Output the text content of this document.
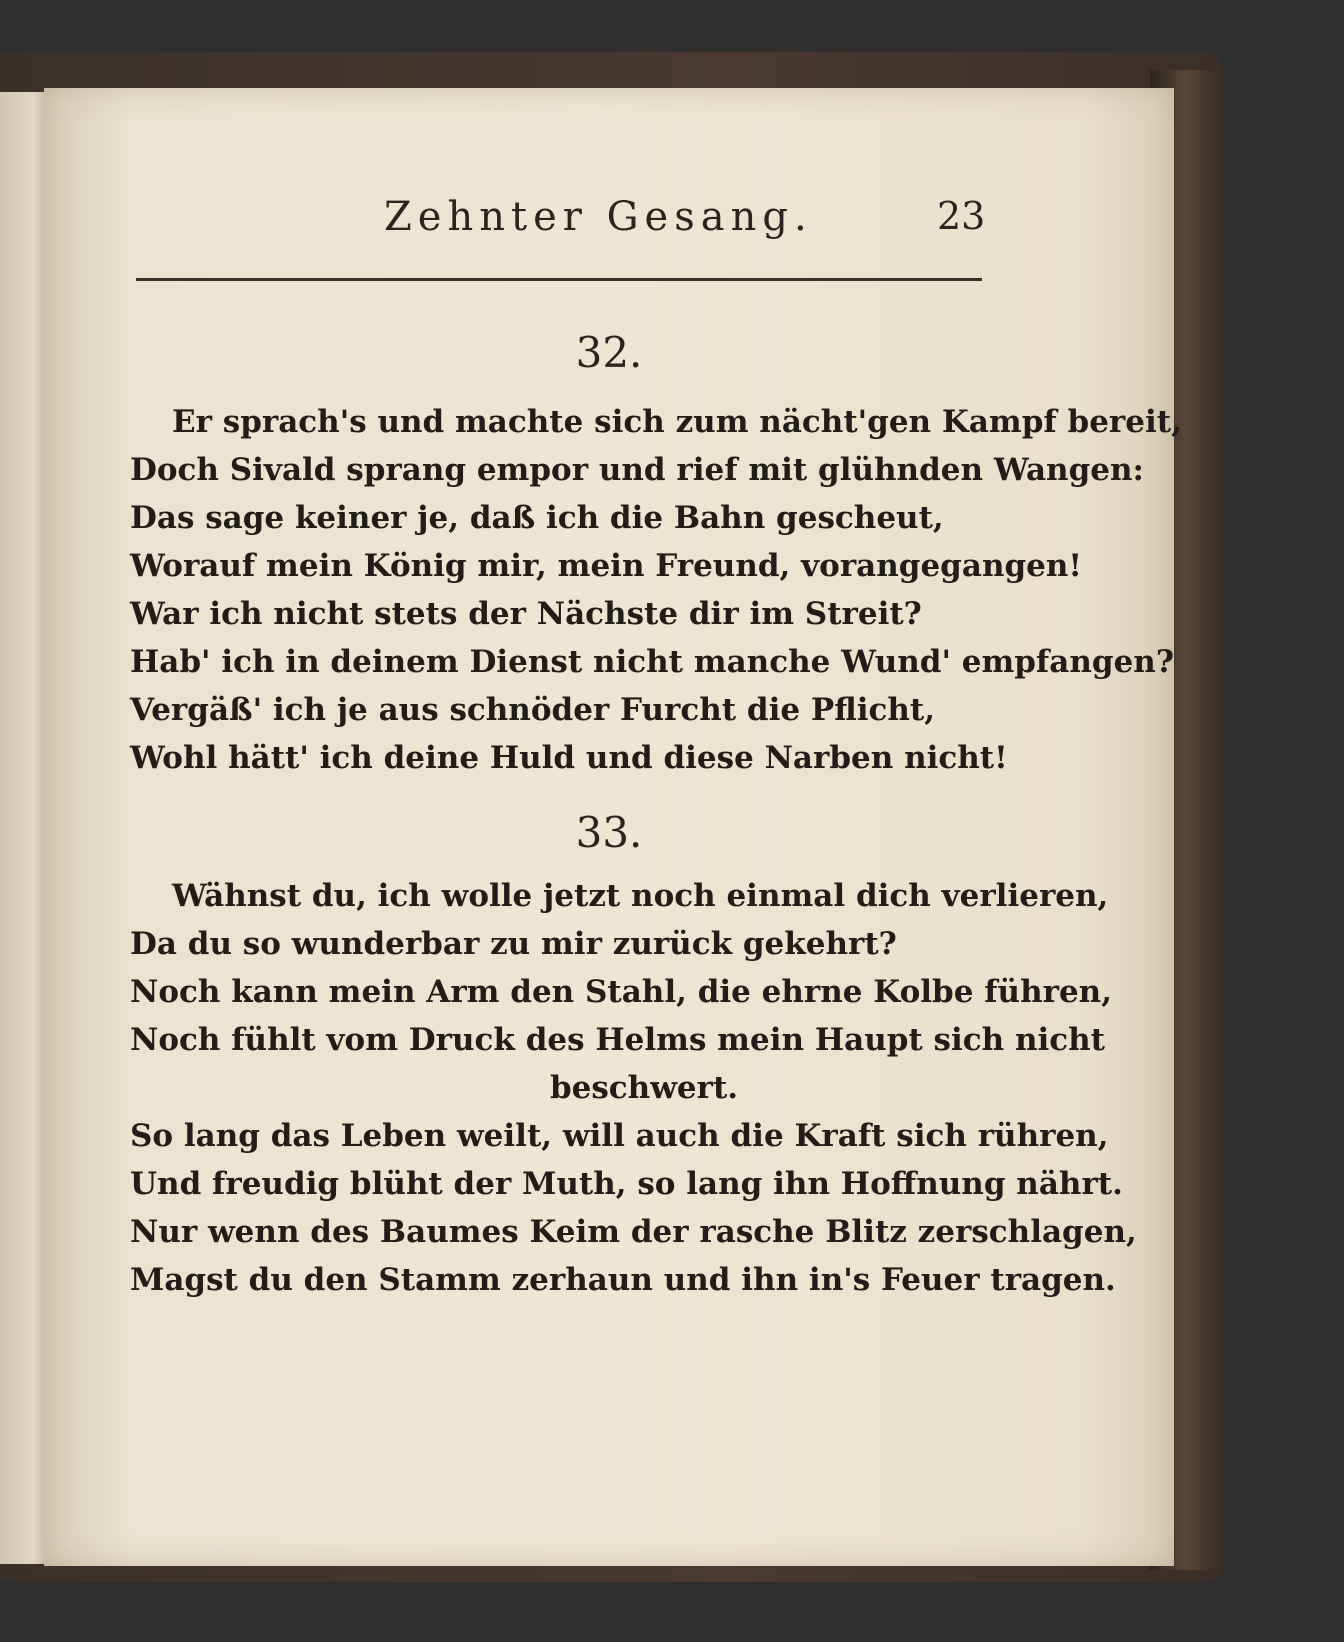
Zehnter Gesang.	23
32.
Er sprach's und machte sich zum nächt'gen Kampf bereit,
Doch Sivald sprang empor und rief mit glühnden Wangen:
Das sage keiner je, daß ich die Bahn gescheut,
Worauf mein König mir, mein Freund, vorangegangen!
War ich nicht stets der Nächste dir im Streit?
Hab' ich in deinem Dienst nicht manche Wund' empfangen?
Vergäß' ich je aus schnöder Furcht die Pflicht,
Wohl hätt' ich deine Huld und diese Narben nicht!
33.
Wähnst du, ich wolle jetzt noch einmal dich verlieren,
Da du so wunderbar zu mir zurück gekehrt?
Noch kann mein Arm den Stahl, die ehrne Kolbe führen,
Noch fühlt vom Druck des Helms mein Haupt sich nicht
beschwert.
So lang das Leben weilt, will auch die Kraft sich rühren,
Und freudig blüht der Muth, so lang ihn Hoffnung nährt.
Nur wenn des Baumes Keim der rasche Blitz zerschlagen,
Magst du den Stamm zerhaun und ihn in's Feuer tragen.
